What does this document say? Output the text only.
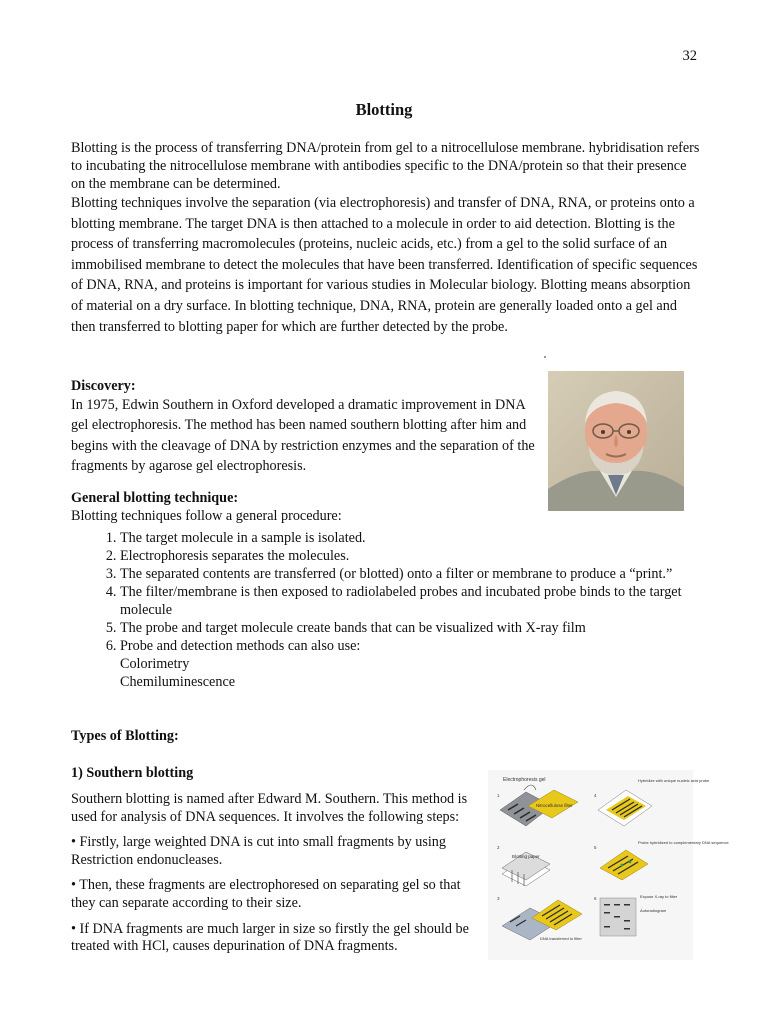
32
Blotting

Blotting is the process of transferring DNA/protein from gel to a nitrocellulose membrane. hybridisation refers to incubating the nitrocellulose membrane with antibodies specific to the DNA/protein so that their presence on the membrane can be determined.

Blotting techniques involve the separation (via electrophoresis) and transfer of DNA, RNA, or proteins onto a blotting membrane. The target DNA is then attached to a molecule in order to aid detection. Blotting is the process of transferring macromolecules (proteins, nucleic acids, etc.) from a gel to the solid surface of an immobilised membrane to detect the molecules that have been transferred. Identification of specific sequences of DNA, RNA, and proteins is important for various studies in Molecular biology. Blotting means absorption of material on a dry surface. In blotting technique, DNA, RNA, protein are generally loaded onto a gel and then transferred to blotting paper for which are further detected by the probe.

Discovery:
In 1975, Edwin Southern in Oxford developed a dramatic improvement in DNA gel electrophoresis. The method has been named southern blotting after him and begins with the cleavage of DNA by restriction enzymes and the separation of the fragments by agarose gel electrophoresis.
General blotting technique:
Blotting techniques follow a general procedure:
1. The target molecule in a sample is isolated.
2. Electrophoresis separates the molecules.
3. The separated contents are transferred (or blotted) onto a filter or membrane to produce a “print.”
4. The filter/membrane is then exposed to radiolabeled probes and incubated probe binds to the target molecule
5. The probe and target molecule create bands that can be visualized with X-ray film
6. Probe and detection methods can also use:
Colorimetry
Chemiluminescence
Types of Blotting:
1) Southern blotting

Southern blotting is named after Edward M. Southern. This method is used for analysis of DNA sequences. It involves the following steps:

• Firstly, large weighted DNA is cut into small fragments by using Restriction endonucleases.

• Then, these fragments are electrophoresed on separating gel so that they can separate according to their size.

• If DNA fragments are much larger in size so firstly the gel should be treated with HCl, causes depurination of DNA fragments.

Electrophoresis gel
1
Nitrocellulose filter
4
Hybridize with unique nucleic acid probe
2
Blotting paper
5
Probe hybridized to complementary DNA sequence
3
DNA transferred to filter
6	Expose X-ray to filter
Autoradiogram
